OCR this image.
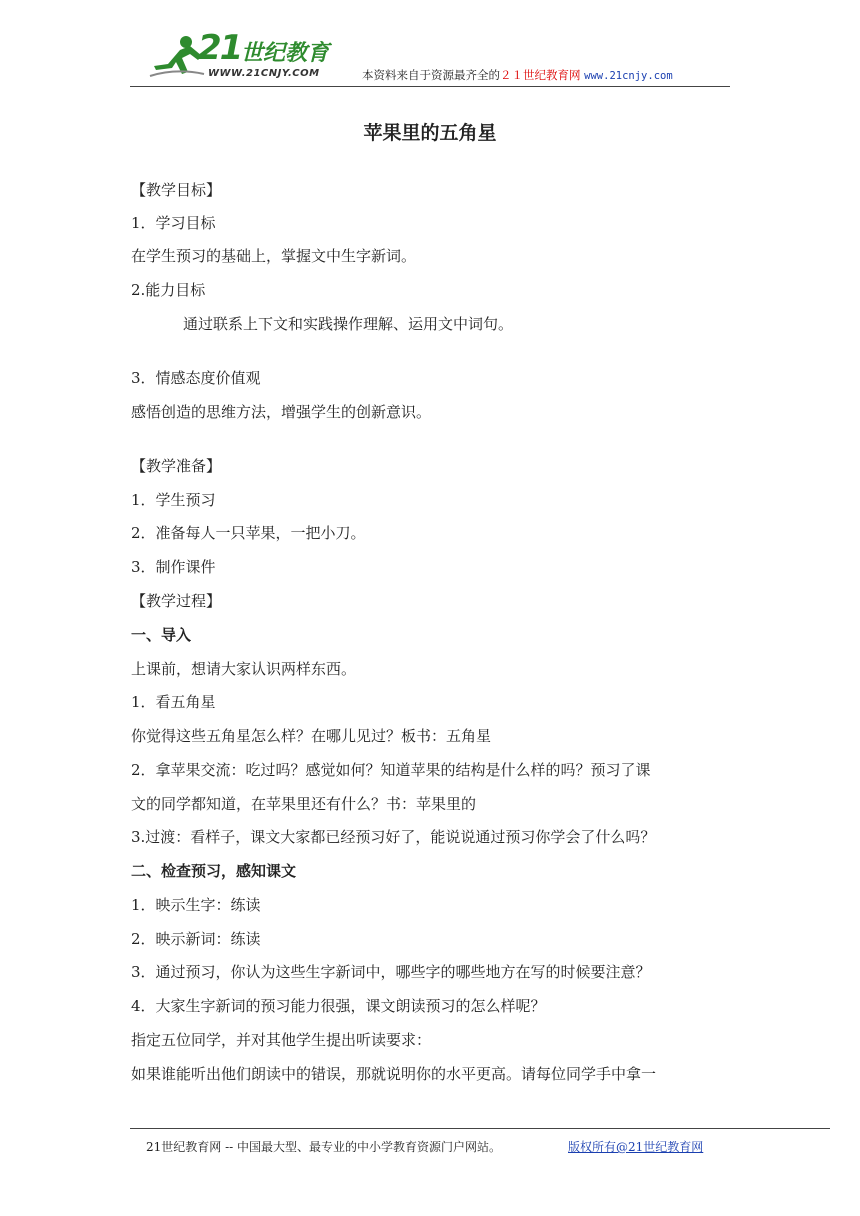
21 世纪教育
WWW.21CNJY.COM	本资料来自于资源最齐全的２１世纪教育网 www.21cnjy.com
苹果里的五角星
【教学目标】
1．学习目标
在学生预习的基础上，掌握文中生字新词。
2.能力目标
通过联系上下文和实践操作理解、运用文中词句。
3．情感态度价值观
感悟创造的思维方法，增强学生的创新意识。
【教学准备】
1．学生预习
2．准备每人一只苹果，一把小刀。
3．制作课件
【教学过程】
一、导入
上课前，想请大家认识两样东西。
1．看五角星
你觉得这些五角星怎么样？在哪儿见过？板书：五角星
2．拿苹果交流：吃过吗？感觉如何？知道苹果的结构是什么样的吗？预习了课
文的同学都知道，在苹果里还有什么？书：苹果里的
3.过渡：看样子，课文大家都已经预习好了，能说说通过预习你学会了什么吗？
二、检查预习，感知课文
1．映示生字：练读
2．映示新词：练读
3．通过预习，你认为这些生字新词中，哪些字的哪些地方在写的时候要注意？
4．大家生字新词的预习能力很强，课文朗读预习的怎么样呢？
指定五位同学，并对其他学生提出听读要求：
如果谁能听出他们朗读中的错误，那就说明你的水平更高。请每位同学手中拿一
21世纪教育网 -- 中国最大型、最专业的中小学教育资源门户网站。	版权所有@21世纪教育网
